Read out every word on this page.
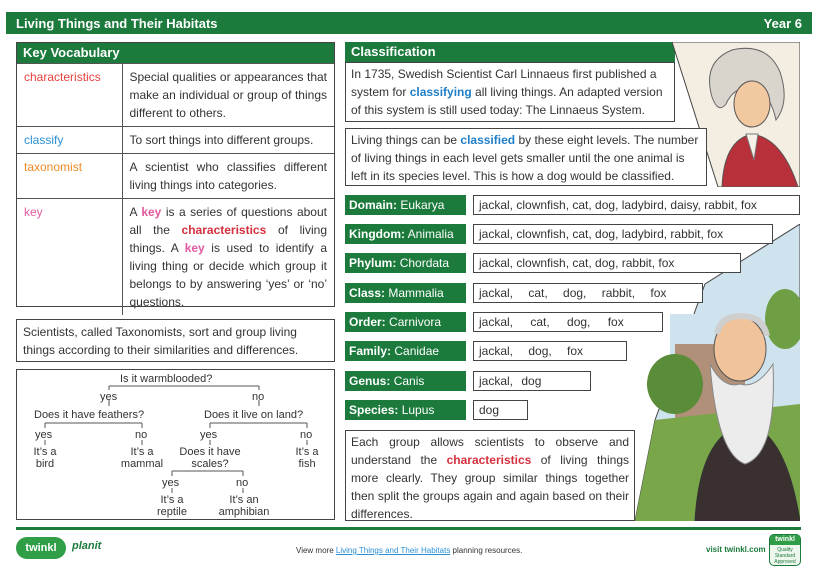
Living Things and Their Habitats	Year 6
Key Vocabulary
characteristics	Special qualities or appearances that make an individual or group of things different to others.
classify	To sort things into different groups.
taxonomist	A scientist who classifies different living things into categories.
key	A key is a series of questions about all the characteristics of living things. A key is used to identify a living thing or decide which group it belongs to by answering ‘yes’ or ‘no’ questions.
Scientists, called Taxonomists, sort and group living things according to their similarities and differences.
Is it warmblooded?
yes	no
Does it have feathers?	Does it live on land?
yes	no	yes	no
It’s a bird
It’s a mammal
Does it have scales?
It’s a fish
yes	no
It’s a reptile
It’s an amphibian
Classification
In 1735, Swedish Scientist Carl Linnaeus first published a system for classifying all living things. An adapted version of this system is still used today: The Linnaeus System.
Living things can be classified by these eight levels. The number of living things in each level gets smaller until the one animal is left in its species level. This is how a dog would be classified.
Domain: Eukarya	jackal, clownfish, cat, dog, ladybird, daisy, rabbit, fox
Kingdom: Animalia	jackal, clownfish, cat, dog, ladybird, rabbit, fox
Phylum: Chordata	jackal, clownfish, cat, dog, rabbit, fox
Class: Mammalia	jackal, cat, dog, rabbit, fox
Order: Carnivora	jackal, cat, dog, fox
Family: Canidae	jackal, dog, fox
Genus: Canis	jackal, dog
Species: Lupus	dog
Each group allows scientists to observe and understand the characteristics of living things more clearly. They group similar things together then split the groups again and again based on their differences.
twinkl	planit	View more Living Things and Their Habitats planning resources.	visit twinkl.com
twinkl
Quality Standard Approved
